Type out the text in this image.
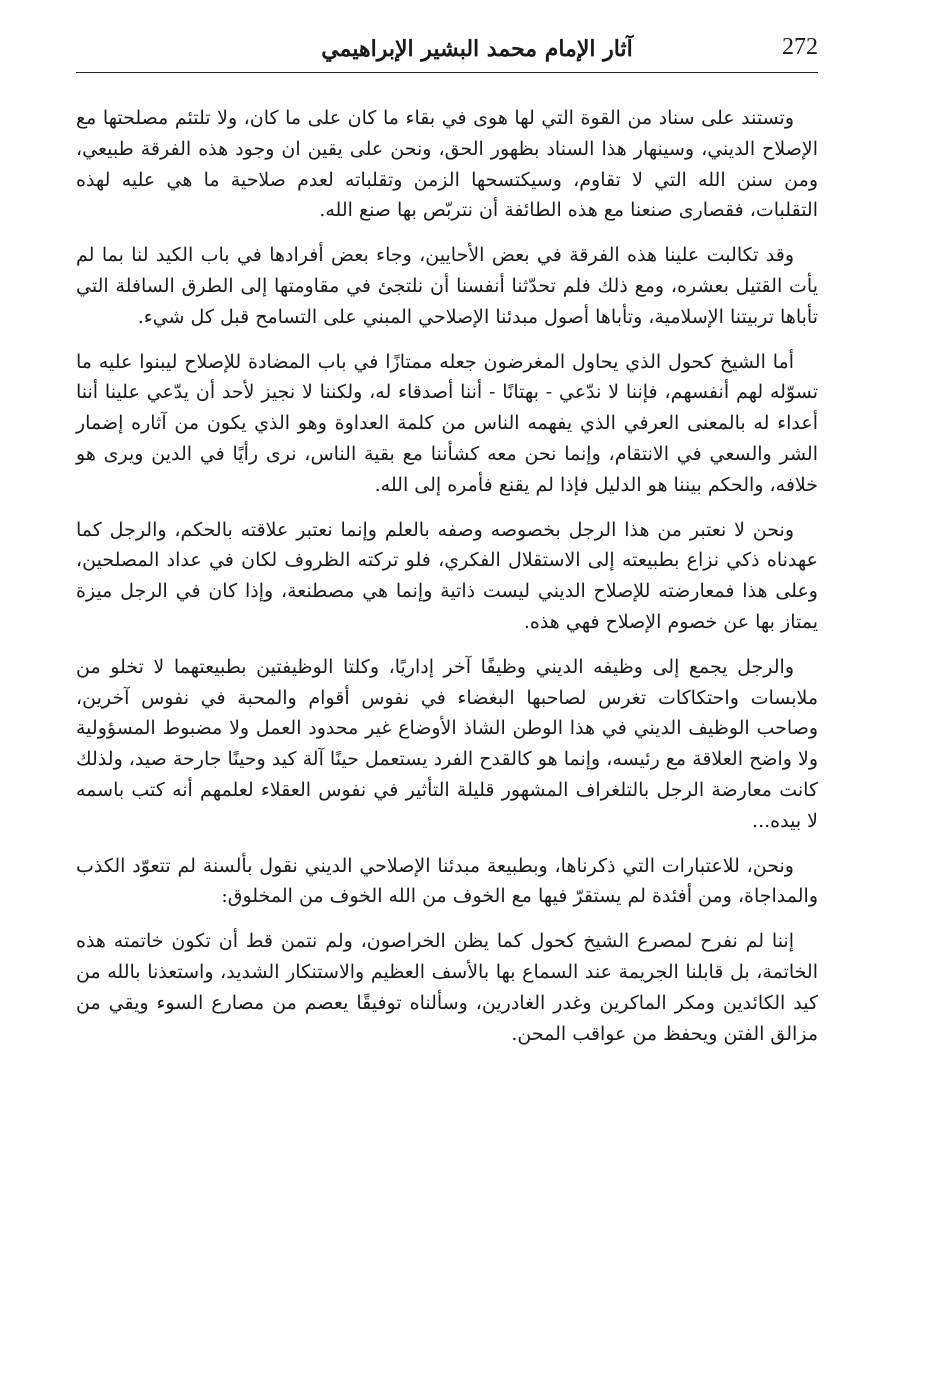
آثار الإمام محمد البشير الإبراهيمي	272

وتستند على سناد من القوة التي لها هوى في بقاء ما كان على ما كان، ولا تلتئم مصلحتها مع الإصلاح الديني، وسينهار هذا السناد بظهور الحق، ونحن على يقين ان وجود هذه الفرقة طبيعي، ومن سنن الله التي لا تقاوم، وسيكتسحها الزمن وتقلباته لعدم صلاحية ما هي عليه لهذه التقلبات، فقصارى صنعنا مع هذه الطائفة أن نتربّص بها صنع الله.

وقد تكالبت علينا هذه الفرقة في بعض الأحايين، وجاء بعض أفرادها في باب الكيد لنا بما لم يأت القتيل بعشره، ومع ذلك فلم تحدّثنا أنفسنا أن نلتجئ في مقاومتها إلى الطرق السافلة التي تأباها تربيتنا الإسلامية، وتأباها أصول مبدئنا الإصلاحي المبني على التسامح قبل كل شيء.

أما الشيخ كحول الذي يحاول المغرضون جعله ممتازًا في باب المضادة للإصلاح ليبنوا عليه ما تسوّله لهم أنفسهم، فإننا لا ندّعي - بهتانًا - أننا أصدقاء له، ولكننا لا نجيز لأحد أن يدّعي علينا أننا أعداء له بالمعنى العرفي الذي يفهمه الناس من كلمة العداوة وهو الذي يكون من آثاره إضمار الشر والسعي في الانتقام، وإنما نحن معه كشأننا مع بقية الناس، نرى رأيًا في الدين ويرى هو خلافه، والحكم بيننا هو الدليل فإذا لم يقنع فأمره إلى الله.

ونحن لا نعتبر من هذا الرجل بخصوصه وصفه بالعلم وإنما نعتبر علاقته بالحكم، والرجل كما عهدناه ذكي نزاع بطبيعته إلى الاستقلال الفكري، فلو تركته الظروف لكان في عداد المصلحين، وعلى هذا فمعارضته للإصلاح الديني ليست ذاتية وإنما هي مصطنعة، وإذا كان في الرجل ميزة يمتاز بها عن خصوم الإصلاح فهي هذه.

والرجل يجمع إلى وظيفه الديني وظيفًا آخر إداريًا، وكلتا الوظيفتين بطبيعتهما لا تخلو من ملابسات واحتكاكات تغرس لصاحبها البغضاء في نفوس أقوام والمحبة في نفوس آخرين، وصاحب الوظيف الديني في هذا الوطن الشاذ الأوضاع غير محدود العمل ولا مضبوط المسؤولية ولا واضح العلاقة مع رئيسه، وإنما هو كالقدح الفرد يستعمل حينًا آلة كيد وحينًا جارحة صيد، ولذلك كانت معارضة الرجل بالتلغراف المشهور قليلة التأثير في نفوس العقلاء لعلمهم أنه كتب باسمه لا بيده...

ونحن، للاعتبارات التي ذكرناها، وبطبيعة مبدئنا الإصلاحي الديني نقول بألسنة لم تتعوّد الكذب والمداجاة، ومن أفئدة لم يستقرّ فيها مع الخوف من الله الخوف من المخلوق:

إننا لم نفرح لمصرع الشيخ كحول كما يظن الخراصون، ولم نتمن قط أن تكون خاتمته هذه الخاتمة، بل قابلنا الجريمة عند السماع بها بالأسف العظيم والاستنكار الشديد، واستعذنا بالله من كيد الكائدين ومكر الماكرين وغدر الغادرين، وسألناه توفيقًا يعصم من مصارع السوء ويقي من مزالق الفتن ويحفظ من عواقب المحن.
